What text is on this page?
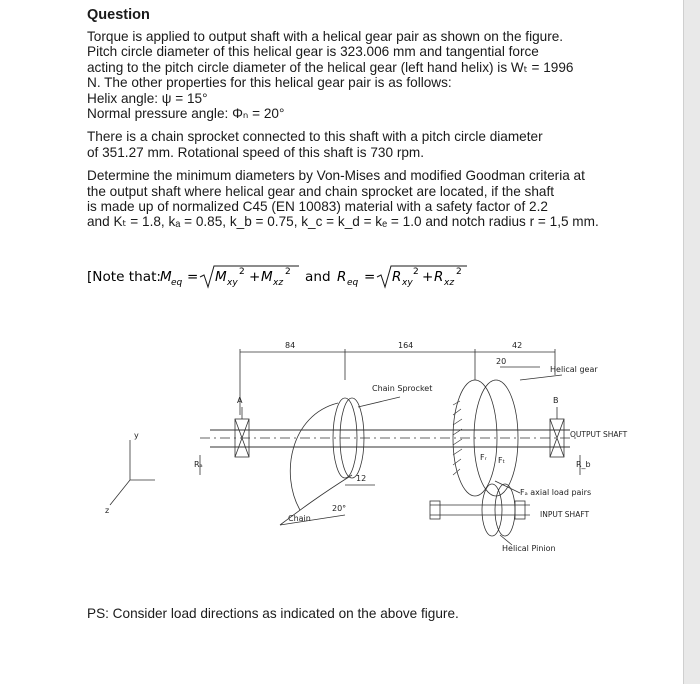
Question
Torque is applied to output shaft with a helical gear pair as shown on the figure.
Pitch circle diameter of this helical gear is 323.006 mm and tangential force
acting to the pitch circle diameter of the helical gear (left hand helix) is Wₜ = 1996
N. The other properties for this helical gear pair is as follows:
Helix angle: ψ = 15°
Normal pressure angle: Φₙ = 20°
There is a chain sprocket connected to this shaft with a pitch circle diameter
of 351.27 mm. Rotational speed of this shaft is 730 rpm.
Determine the minimum diameters by Von-Mises and modified Goodman criteria at
the output shaft where helical gear and chain sprocket are located, if the shaft
is made up of normalized C45 (EN 10083) material with a safety factor of 2.2
and Kₜ = 1.8, kₐ = 0.85, k_b = 0.75, k_c = k_d = kₑ = 1.0 and notch radius r = 1,5 mm.
[Note that: M eq = M xy
2 + M xz
2 and R eq = R xy
2 + R xz
2
84	164	42
20
12
20°
Chain Sprocket
Helical gear
OUTPUT SHAFT
Fₐ axial load pairs
INPUT SHAFT
Helical Pinion
Chain
A	B
y
z
Fᵣ Fₜ
Rₐ	R_b
PS: Consider load directions as indicated on the above figure.
